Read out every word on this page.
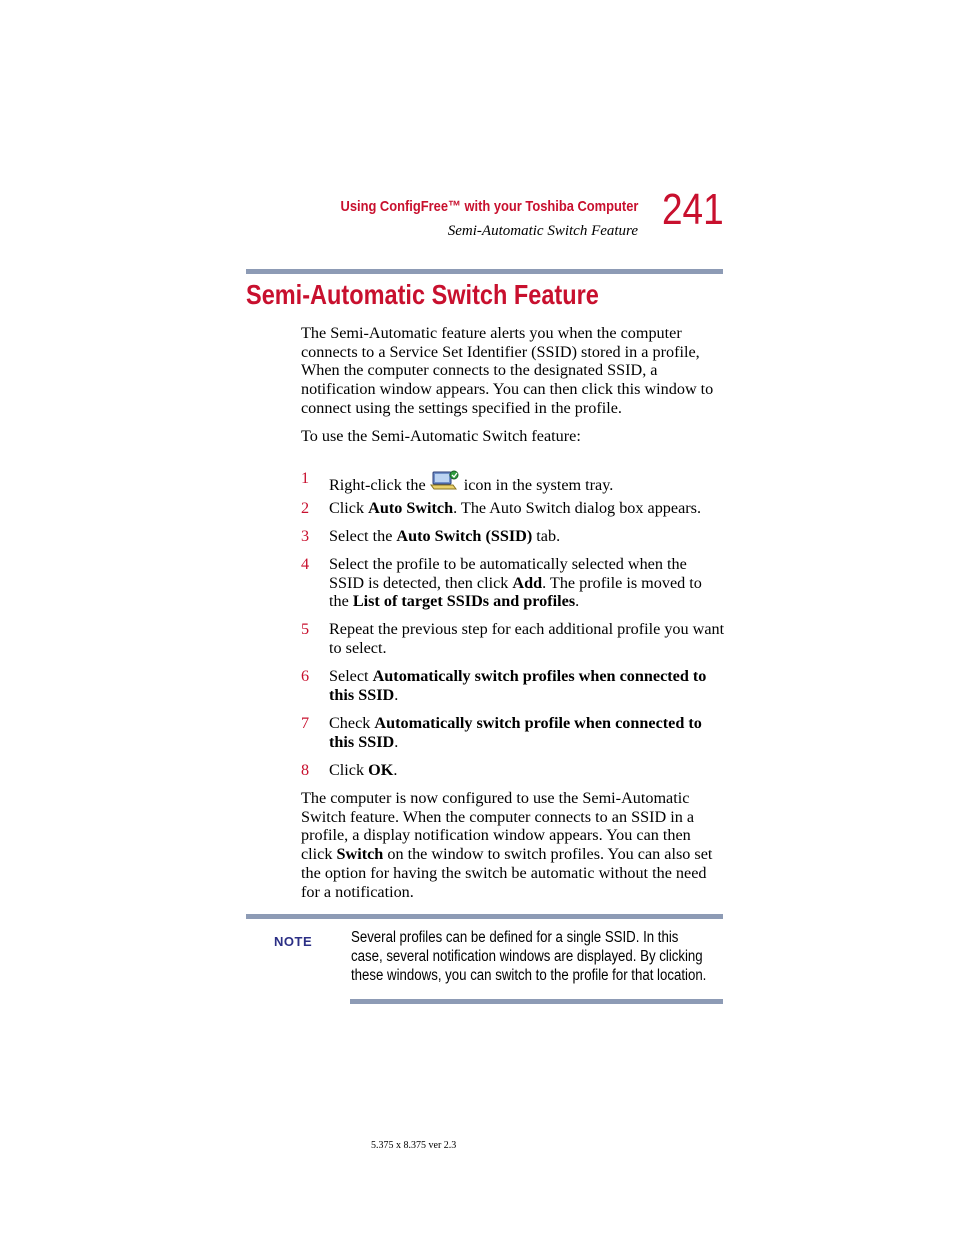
Using ConfigFree™ with your Toshiba Computer
Semi-Automatic Switch Feature 241
Semi-Automatic Switch Feature
The Semi-Automatic feature alerts you when the computer connects to a Service Set Identifier (SSID) stored in a profile, When the computer connects to the designated SSID, a notification window appears. You can then click this window to connect using the settings specified in the profile.
To use the Semi-Automatic Switch feature:
1 Right-click the  icon in the system tray.
2 Click Auto Switch. The Auto Switch dialog box appears.
3 Select the Auto Switch (SSID) tab.
4 Select the profile to be automatically selected when the SSID is detected, then click Add. The profile is moved to the List of target SSIDs and profiles.
5 Repeat the previous step for each additional profile you want to select.
6 Select Automatically switch profiles when connected to this SSID.
7 Check Automatically switch profile when connected to this SSID.
8 Click OK.
The computer is now configured to use the Semi-Automatic Switch feature. When the computer connects to an SSID in a profile, a display notification window appears. You can then click Switch on the window to switch profiles. You can also set the option for having the switch be automatic without the need for a notification.
NOTE	Several profiles can be defined for a single SSID. In this case, several notification windows are displayed. By clicking these windows, you can switch to the profile for that location.
5.375 x 8.375 ver 2.3
